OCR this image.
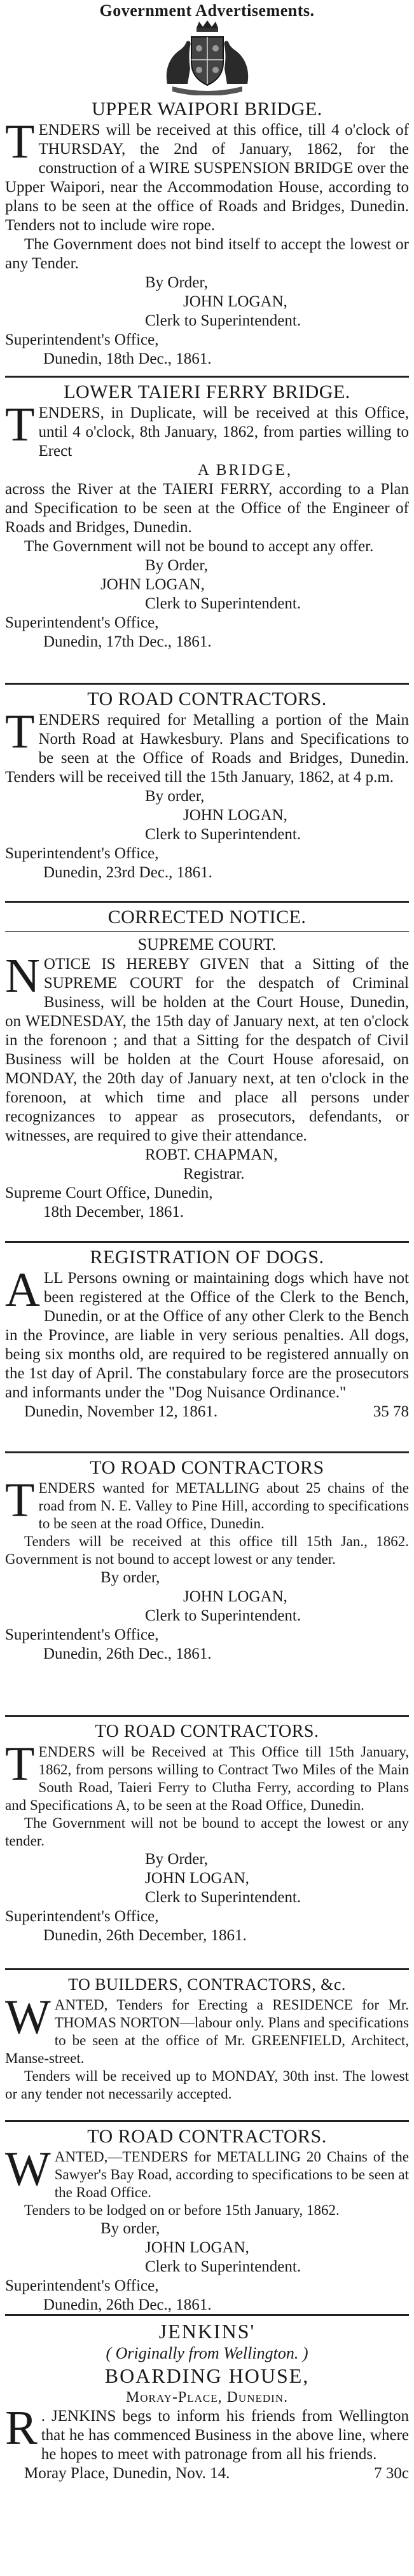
Government Advertisements.
UPPER WAIPORI BRIDGE.

TENDERS will be received at this office, till 4 o'clock of THURSDAY, the 2nd of January, 1862, for the construction of a WIRE SUSPENSION BRIDGE over the Upper Waipori, near the Accommodation House, according to plans to be seen at the office of Roads and Bridges, Dunedin. Tenders not to include wire rope.

The Government does not bind itself to accept the lowest or any Tender.

By Order,

JOHN LOGAN,

Clerk to Superintendent.

Superintendent's Office,

Dunedin, 18th Dec., 1861.

LOWER TAIERI FERRY BRIDGE.

TENDERS, in Duplicate, will be received at this Office, until 4 o'clock, 8th January, 1862, from parties willing to Erect

A BRIDGE,

across the River at the TAIERI FERRY, according to a Plan and Specification to be seen at the Office of the Engineer of Roads and Bridges, Dunedin.

The Government will not be bound to accept any offer.

By Order,

JOHN LOGAN,

Clerk to Superintendent.

Superintendent's Office,

Dunedin, 17th Dec., 1861.

TO ROAD CONTRACTORS.

TENDERS required for Metalling a portion of the Main North Road at Hawkesbury. Plans and Specifications to be seen at the Office of Roads and Bridges, Dunedin. Tenders will be received till the 15th January, 1862, at 4 p.m.

By order,

JOHN LOGAN,

Clerk to Superintendent.

Superintendent's Office,

Dunedin, 23rd Dec., 1861.

CORRECTED NOTICE.
SUPREME COURT.

NOTICE IS HEREBY GIVEN that a Sitting of the SUPREME COURT for the despatch of Criminal Business, will be holden at the Court House, Dunedin, on WEDNESDAY, the 15th day of January next, at ten o'clock in the forenoon ; and that a Sitting for the despatch of Civil Business will be holden at the Court House aforesaid, on MONDAY, the 20th day of January next, at ten o'clock in the forenoon, at which time and place all persons under recognizances to appear as prosecutors, defendants, or witnesses, are required to give their attendance.

ROBT. CHAPMAN,

Registrar.

Supreme Court Office, Dunedin,

18th December, 1861.

REGISTRATION OF DOGS.

ALL Persons owning or maintaining dogs which have not been registered at the Office of the Clerk to the Bench, Dunedin, or at the Office of any other Clerk to the Bench in the Province, are liable in very serious penalties. All dogs, being six months old, are required to be registered annually on the 1st day of April. The constabulary force are the prosecutors and informants under the "Dog Nuisance Ordinance."

Dunedin, November 12, 1861.	35 78
TO ROAD CONTRACTORS

TENDERS wanted for METALLING about 25 chains of the road from N. E. Valley to Pine Hill, according to specifications to be seen at the road Office, Dunedin.

Tenders will be received at this office till 15th Jan., 1862. Government is not bound to accept lowest or any tender.

By order,

JOHN LOGAN,

Clerk to Superintendent.

Superintendent's Office,

Dunedin, 26th Dec., 1861.

TO ROAD CONTRACTORS.

TENDERS will be Received at This Office till 15th January, 1862, from persons willing to Contract Two Miles of the Main South Road, Taieri Ferry to Clutha Ferry, according to Plans and Specifications A, to be seen at the Road Office, Dunedin.

The Government will not be bound to accept the lowest or any tender.

By Order,

JOHN LOGAN,

Clerk to Superintendent.

Superintendent's Office,

Dunedin, 26th December, 1861.

TO BUILDERS, CONTRACTORS, &c.

WANTED, Tenders for Erecting a RESIDENCE for Mr. THOMAS NORTON—labour only. Plans and specifications to be seen at the office of Mr. GREENFIELD, Architect, Manse-street.

Tenders will be received up to MONDAY, 30th inst. The lowest or any tender not necessarily accepted.

TO ROAD CONTRACTORS.

WANTED,—TENDERS for METALLING 20 Chains of the Sawyer's Bay Road, according to specifications to be seen at the Road Office.

Tenders to be lodged on or before 15th January, 1862.

By order,

JOHN LOGAN,

Clerk to Superintendent.

Superintendent's Office,

Dunedin, 26th Dec., 1861.

JENKINS'
( Originally from Wellington. )
BOARDING HOUSE,
Moray-Place, Dunedin.

R . JENKINS begs to inform his friends from Wellington that he has commenced Business in the above line, where he hopes to meet with patronage from all his friends.

Moray Place, Dunedin, Nov. 14.	7 30c
